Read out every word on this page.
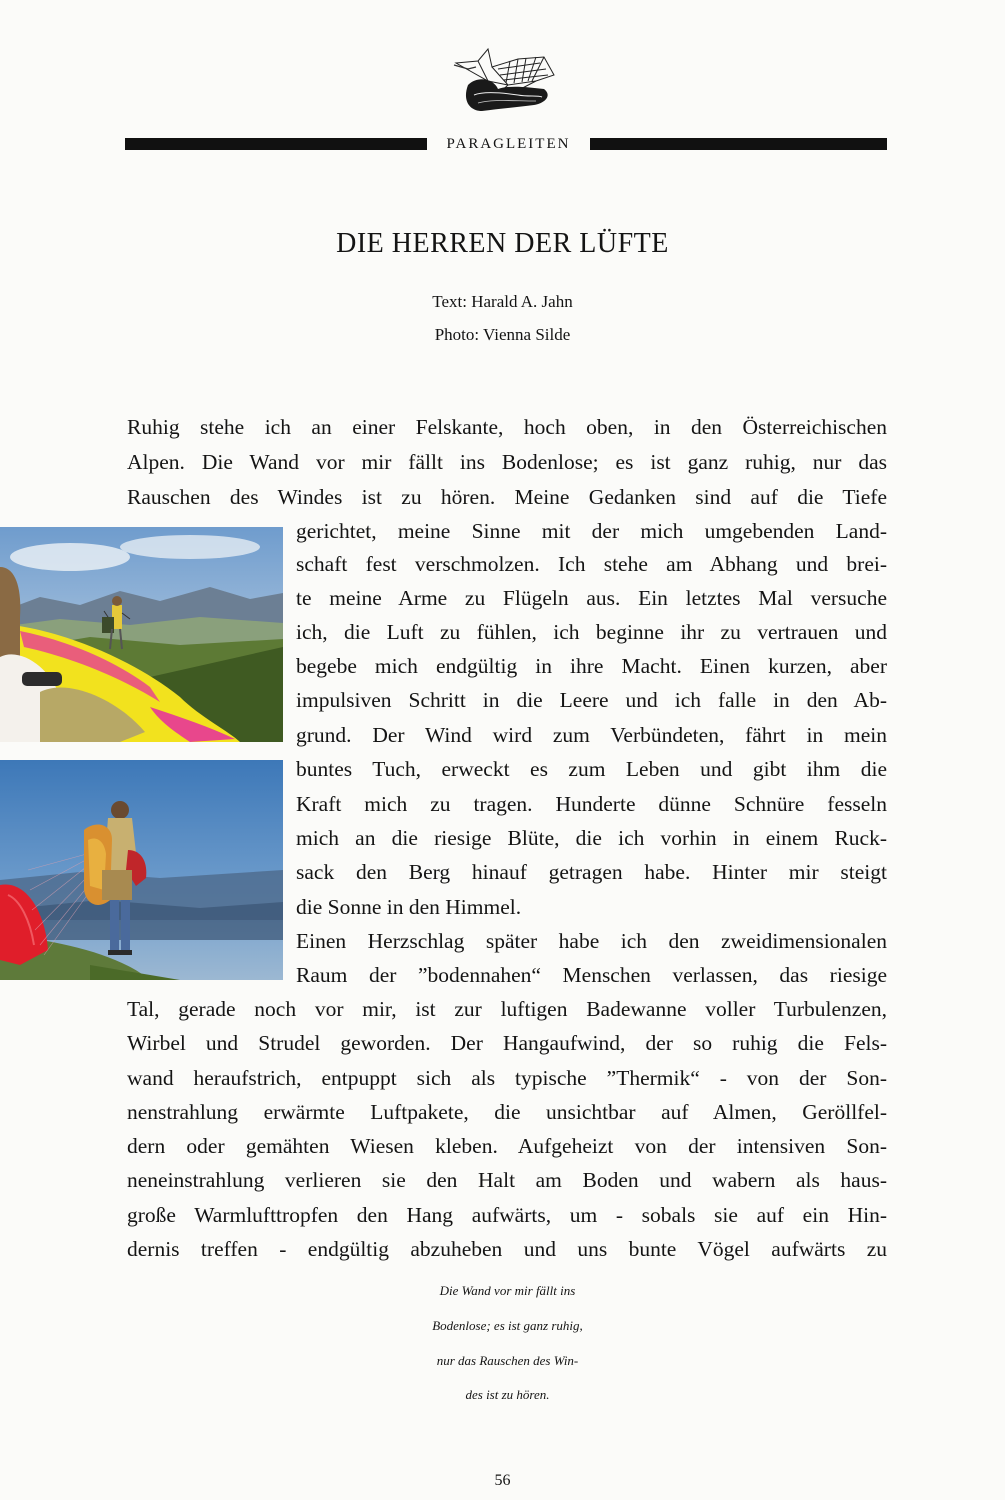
PARAGLEITEN
DIE HERREN DER LÜFTE
Text: Harald A. Jahn
Photo: Vienna Silde
Ruhig stehe ich an einer Felskante, hoch oben, in den Österreichischen
Alpen. Die Wand vor mir fällt ins Bodenlose; es ist ganz ruhig, nur das
Rauschen des Windes ist zu hören. Meine Gedanken sind auf die Tiefe
gerichtet, meine Sinne mit der mich umgebenden Land-
schaft fest verschmolzen. Ich stehe am Abhang und brei-
te meine Arme zu Flügeln aus. Ein letztes Mal versuche
ich, die Luft zu fühlen, ich beginne ihr zu vertrauen und
begebe mich endgültig in ihre Macht. Einen kurzen, aber
impulsiven Schritt in die Leere und ich falle in den Ab-
grund. Der Wind wird zum Verbündeten, fährt in mein
buntes Tuch, erweckt es zum Leben und gibt ihm die
Kraft mich zu tragen. Hunderte dünne Schnüre fesseln
mich an die riesige Blüte, die ich vorhin in einem Ruck-
sack den Berg hinauf getragen habe. Hinter mir steigt
die Sonne in den Himmel.
Einen Herzschlag später habe ich den zweidimensionalen
Raum der ”bodennahen“ Menschen verlassen, das riesige
Tal, gerade noch vor mir, ist zur luftigen Badewanne voller Turbulenzen,
Wirbel und Strudel geworden. Der Hangaufwind, der so ruhig die Fels-
wand heraufstrich, entpuppt sich als typische ”Thermik“ - von der Son-
nenstrahlung erwärmte Luftpakete, die unsichtbar auf Almen, Geröllfel-
dern oder gemähten Wiesen kleben. Aufgeheizt von der intensiven Son-
neneinstrahlung verlieren sie den Halt am Boden und wabern als haus-
große Warmlufttropfen den Hang aufwärts, um - sobals sie auf ein Hin-
dernis treffen - endgültig abzuheben und uns bunte Vögel aufwärts zu
Die Wand vor mir fällt ins
Bodenlose; es ist ganz ruhig,
nur das Rauschen des Win-
des ist zu hören.
56
